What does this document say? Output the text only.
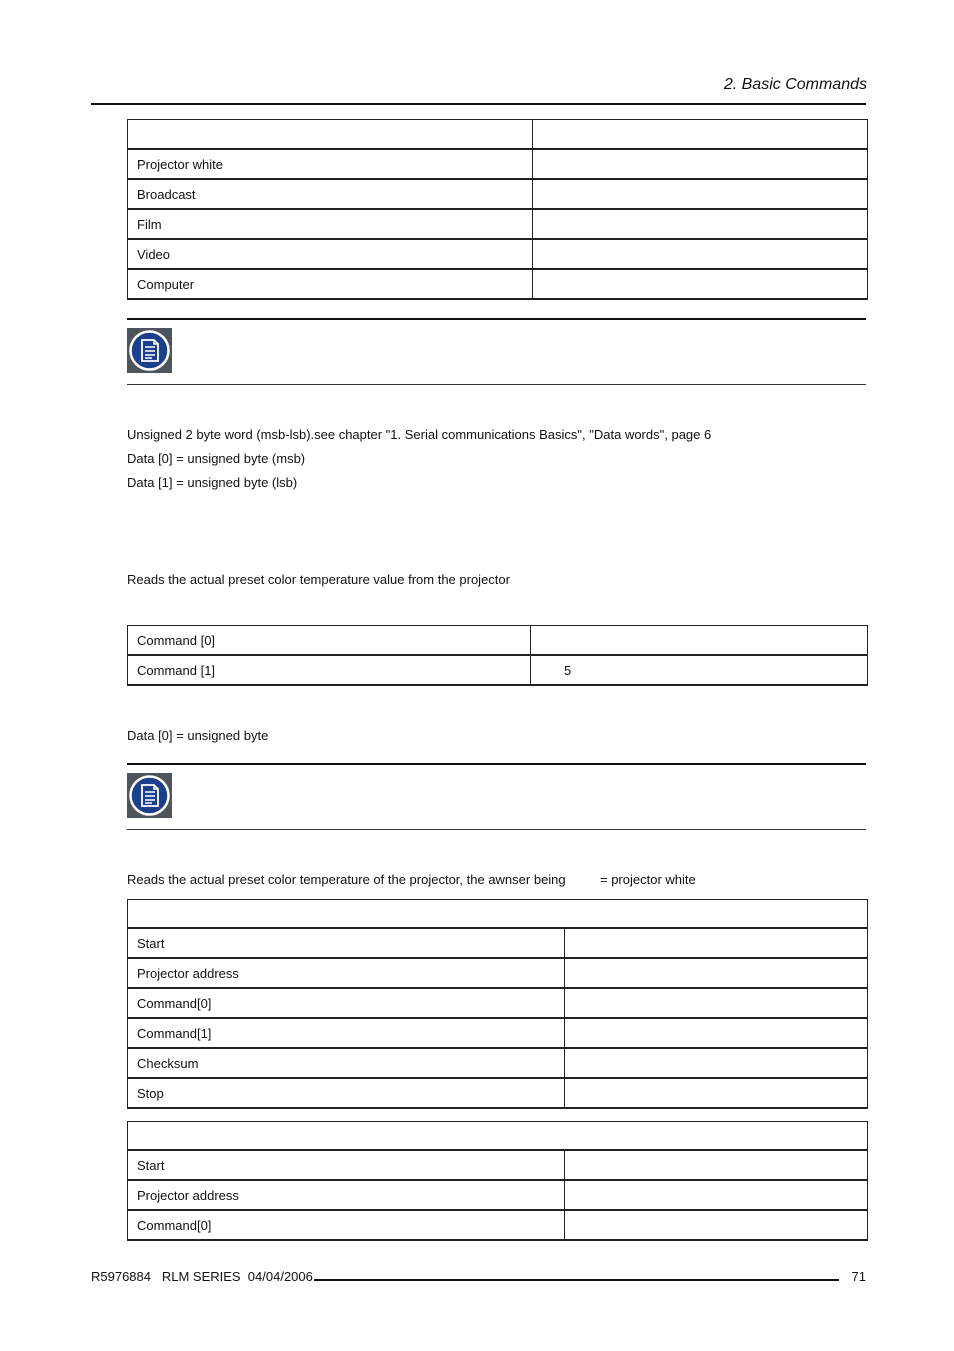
2. Basic Commands

Projector white	
Broadcast	
Film	
Video	
Computer	
Unsigned 2 byte word (msb-lsb).see chapter "1. Serial communications Basics", "Data words", page 6
Data [0] = unsigned byte (msb)
Data [1] = unsigned byte (lsb)
Reads the actual preset color temperature value from the projector
Command [0]	
Command [1]	5
Data [0] = unsigned byte
Reads the actual preset color temperature of the projector, the awnser being	= projector white

Start	
Projector address	
Command[0]	
Command[1]	
Checksum	
Stop	

Start	
Projector address	
Command[0]	
R5976884   RLM SERIES  04/04/2006	71
